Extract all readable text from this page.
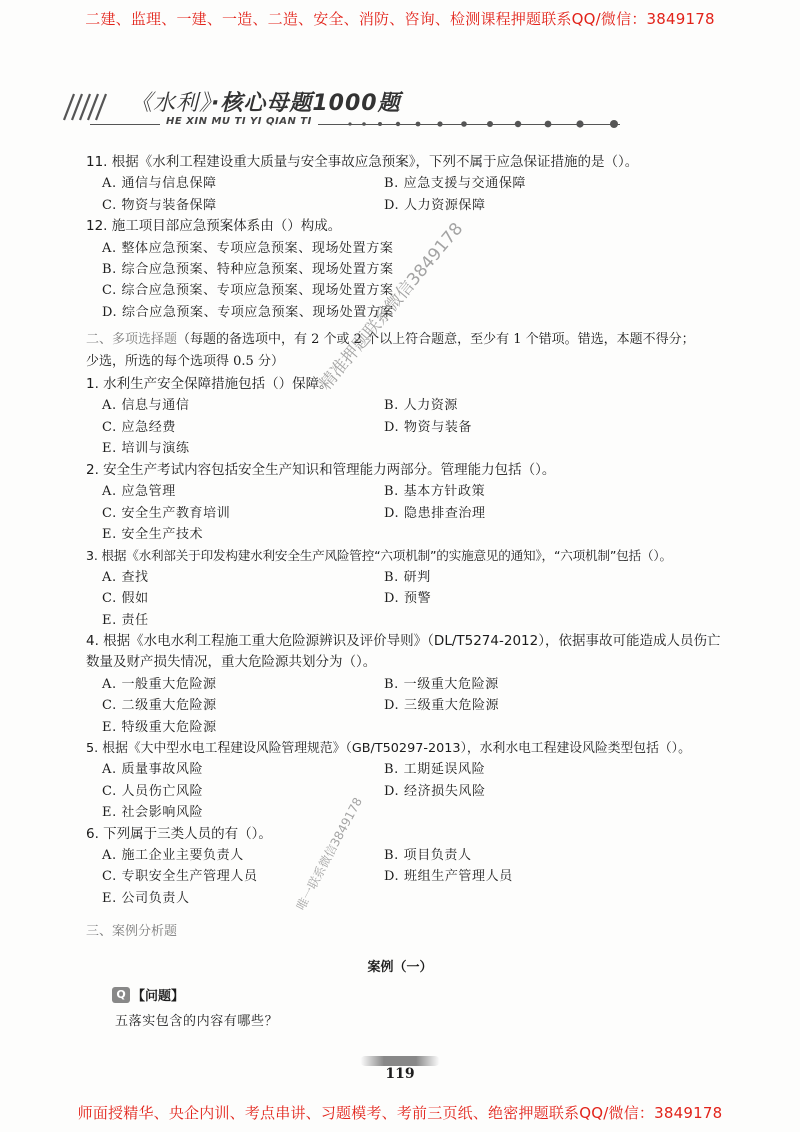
二建、监理、一建、一造、二造、安全、消防、咨询、检测课程押题联系QQ/微信：3849178
《水利》·核心母题1000题
HE XIN MU TI YI QIAN TI
11. 根据《水利工程建设重大质量与安全事故应急预案》，下列不属于应急保证措施的是（）。
A. 通信与信息保障	B. 应急支援与交通保障
C. 物资与装备保障	D. 人力资源保障
12. 施工项目部应急预案体系由（）构成。
A. 整体应急预案、专项应急预案、现场处置方案
B. 综合应急预案、特种应急预案、现场处置方案
C. 综合应急预案、专项应急预案、现场处置方案
D. 综合应急预案、专项应急预案、现场处置方案
二、多项选择题（每题的备选项中，有 2 个或 2 个以上符合题意，至少有 1 个错项。错选，本题不得分；
少选，所选的每个选项得 0.5 分）
1. 水利生产安全保障措施包括（）保障。
A. 信息与通信	B. 人力资源
C. 应急经费	D. 物资与装备
E. 培训与演练
2. 安全生产考试内容包括安全生产知识和管理能力两部分。管理能力包括（）。
A. 应急管理	B. 基本方针政策
C. 安全生产教育培训	D. 隐患排查治理
E. 安全生产技术
3. 根据《水利部关于印发构建水利安全生产风险管控“六项机制”的实施意见的通知》，“六项机制”包括（）。
A. 查找	B. 研判
C. 假如	D. 预警
E. 责任
4. 根据《水电水利工程施工重大危险源辨识及评价导则》（DL/T5274-2012），依据事故可能造成人员伤亡数量及财产损失情况，重大危险源共划分为（）。
A. 一般重大危险源	B. 一级重大危险源
C. 二级重大危险源	D. 三级重大危险源
E. 特级重大危险源
5. 根据《大中型水电工程建设风险管理规范》（GB/T50297-2013），水利水电工程建设风险类型包括（）。
A. 质量事故风险	B. 工期延误风险
C. 人员伤亡风险	D. 经济损失风险
E. 社会影响风险
6. 下列属于三类人员的有（）。
A. 施工企业主要负责人	B. 项目负责人
C. 专职安全生产管理人员	D. 班组生产管理人员
E. 公司负责人
三、案例分析题
案例（一）
Q 【问题】
五落实包含的内容有哪些？
119
精准押题联系微信3849178
唯一联系微信3849178
师面授精华、央企内训、考点串讲、习题模考、考前三页纸、绝密押题联系QQ/微信：3849178
